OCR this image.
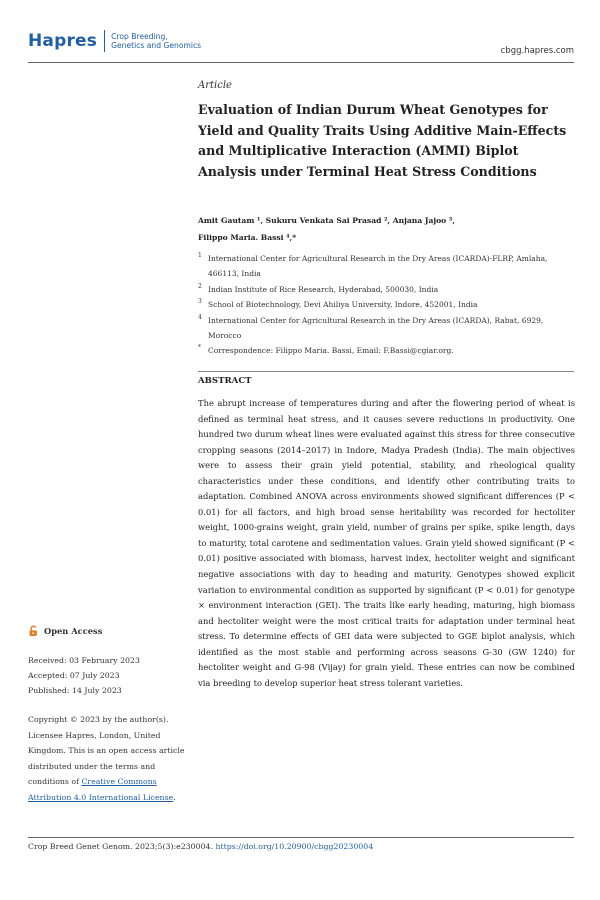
Hapres Crop Breeding,
Genetics and Genomics
cbgg.hapres.com
Article
Evaluation of Indian Durum Wheat Genotypes for Yield and Quality Traits Using Additive Main-Effects and Multiplicative Interaction (AMMI) Biplot Analysis under Terminal Heat Stress Conditions
Amit Gautam ¹, Sukuru Venkata Sai Prasad ², Anjana Jajoo ³,
Filippo Maria. Bassi ⁴,*
1 International Center for Agricultural Research in the Dry Areas (ICARDA)-FLRP, Amlaha, 466113, India
2 Indian Institute of Rice Research, Hyderabad, 500030, India
3 School of Biotechnology, Devi Ahiliya University, Indore, 452001, India
4 International Center for Agricultural Research in the Dry Areas (ICARDA), Rabat, 6929, Morocco
* Correspondence: Filippo Maria. Bassi, Email: F.Bassi@cgiar.org.
ABSTRACT

The abrupt increase of temperatures during and after the flowering period of wheat is defined as terminal heat stress, and it causes severe reductions in productivity. One hundred two durum wheat lines were evaluated against this stress for three consecutive cropping seasons (2014–2017) in Indore, Madya Pradesh (India). The main objectives were to assess their grain yield potential, stability, and rheological quality characteristics under these conditions, and identify other contributing traits to adaptation. Combined ANOVA across environments showed significant differences (P < 0.01) for all factors, and high broad sense heritability was recorded for hectoliter weight, 1000-grains weight, grain yield, number of grains per spike, spike length, days to maturity, total carotene and sedimentation values. Grain yield showed significant (P < 0.01) positive associated with biomass, harvest index, hectoliter weight and significant negative associations with day to heading and maturity. Genotypes showed explicit variation to environmental condition as supported by significant (P < 0.01) for genotype × environment interaction (GEI). The traits like early heading, maturing, high biomass and hectoliter weight were the most critical traits for adaptation under terminal heat stress. To determine effects of GEI data were subjected to GGE biplot analysis, which identified as the most stable and performing across seasons G-30 (GW 1240) for hectoliter weight and G-98 (Vijay) for grain yield. These entries can now be combined via breeding to develop superior heat stress tolerant varieties.

Open Access
Received: 03 February 2023
Accepted: 07 July 2023
Published: 14 July 2023
Copyright © 2023 by the author(s). Licensee Hapres, London, United Kingdom. This is an open access article distributed under the terms and conditions of Creative Commons Attribution 4.0 International License.
Crop Breed Genet Genom. 2023;5(3):e230004. https://doi.org/10.20900/cbgg20230004
